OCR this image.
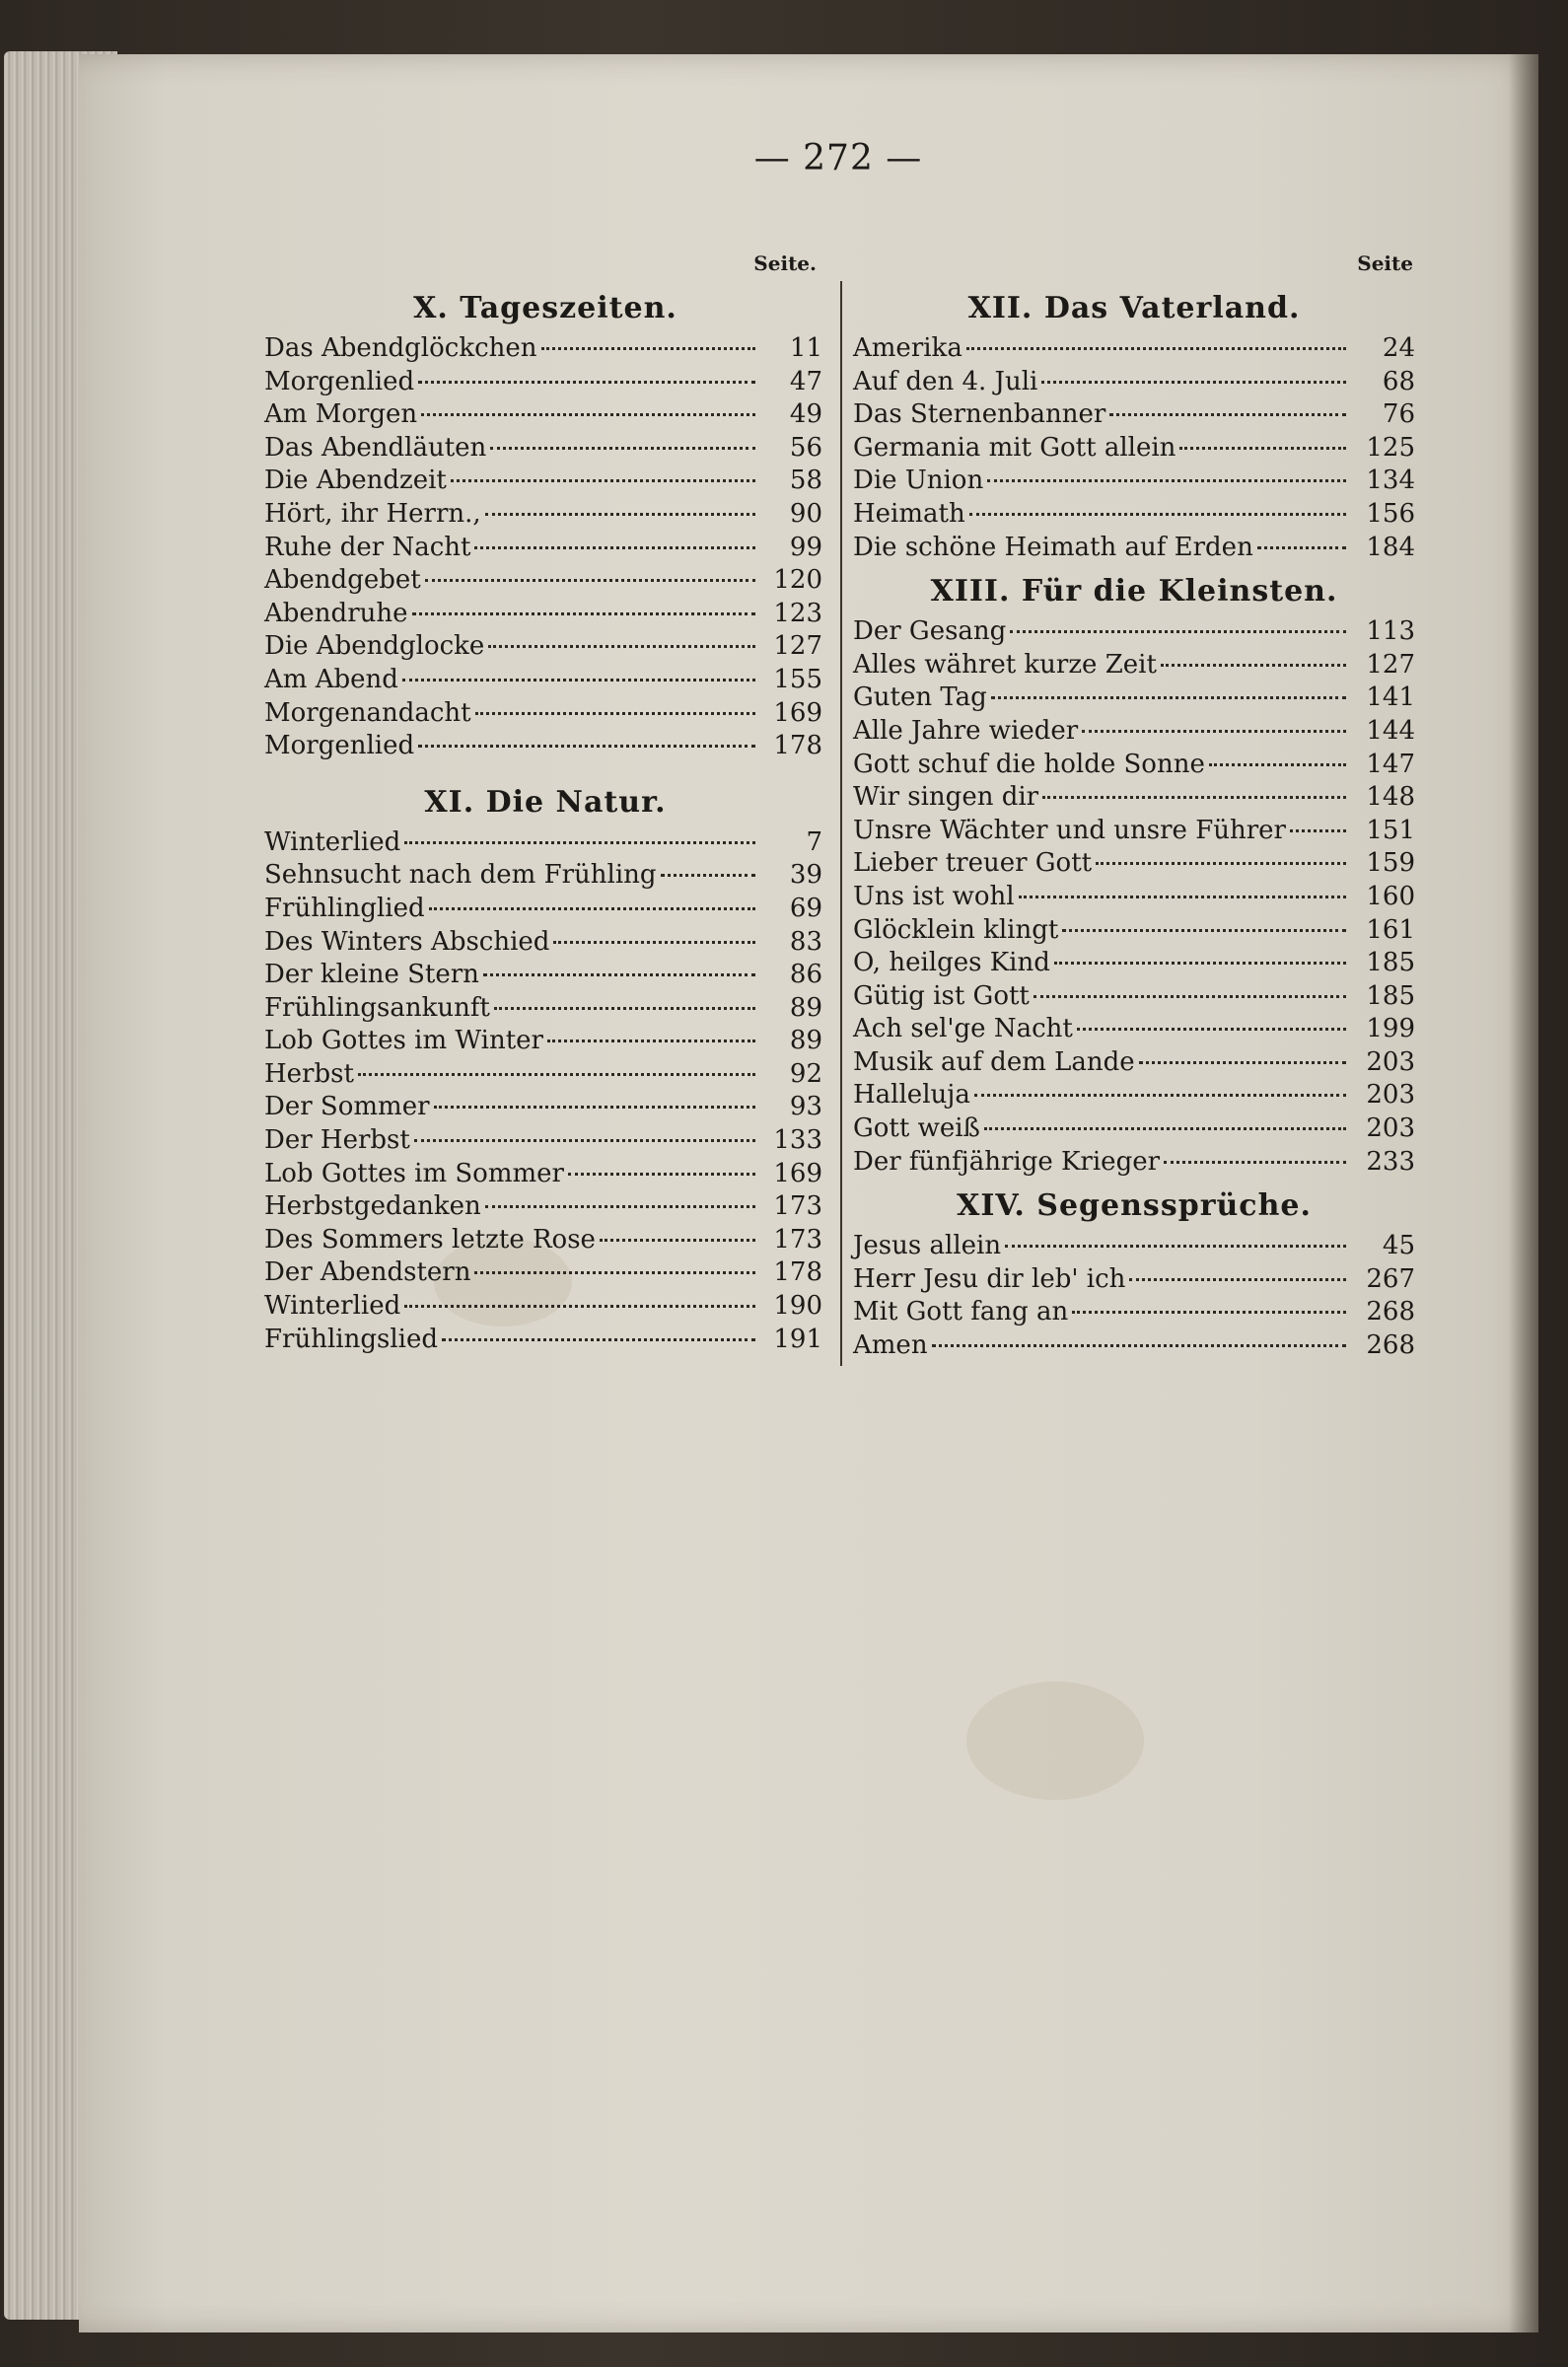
— 272 —
Seite.
X. Tageszeiten.
Das Abendglöckchen	11
Morgenlied	47
Am Morgen	49
Das Abendläuten	56
Die Abendzeit	58
Hört, ihr Herrn.,	90
Ruhe der Nacht	99
Abendgebet	120
Abendruhe	123
Die Abendglocke	127
Am Abend	155
Morgenandacht	169
Morgenlied	178
XI. Die Natur.
Winterlied	7
Sehnsucht nach dem Frühling	39
Frühlinglied	69
Des Winters Abschied	83
Der kleine Stern	86
Frühlingsankunft	89
Lob Gottes im Winter	89
Herbst	92
Der Sommer	93
Der Herbst	133
Lob Gottes im Sommer	169
Herbstgedanken	173
Des Sommers letzte Rose	173
Der Abendstern	178
Winterlied	190
Frühlingslied	191
Seite
XII. Das Vaterland.
Amerika	24
Auf den 4. Juli	68
Das Sternenbanner	76
Germania mit Gott allein	125
Die Union	134
Heimath	156
Die schöne Heimath auf Erden	184
XIII. Für die Kleinsten.
Der Gesang	113
Alles währet kurze Zeit	127
Guten Tag	141
Alle Jahre wieder	144
Gott schuf die holde Sonne	147
Wir singen dir	148
Unsre Wächter und unsre Führer	151
Lieber treuer Gott	159
Uns ist wohl	160
Glöcklein klingt	161
O, heilges Kind	185
Gütig ist Gott	185
Ach sel'ge Nacht	199
Musik auf dem Lande	203
Halleluja	203
Gott weiß	203
Der fünfjährige Krieger	233
XIV. Segenssprüche.
Jesus allein	45
Herr Jesu dir leb' ich	267
Mit Gott fang an	268
Amen	268
